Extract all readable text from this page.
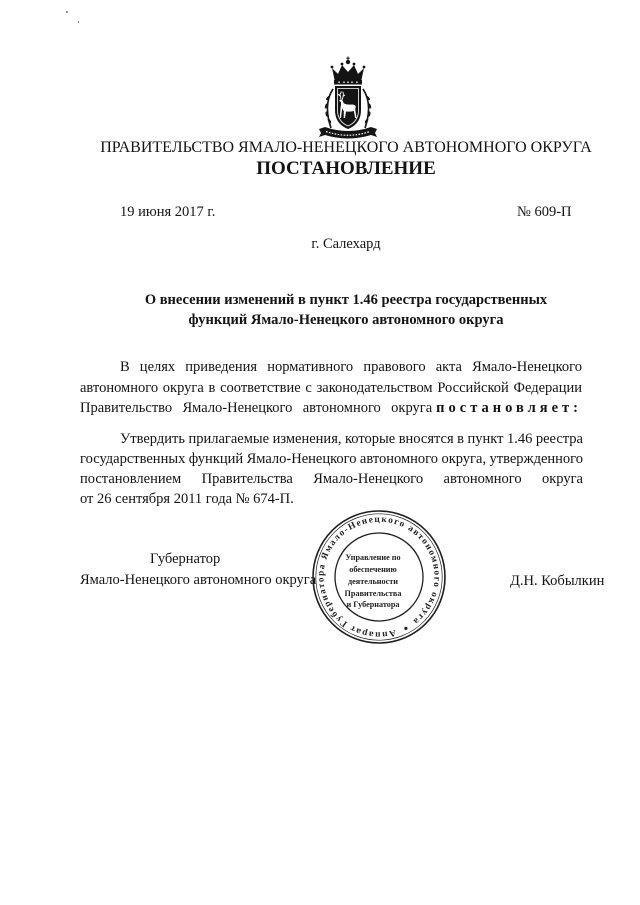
ПРАВИТЕЛЬСТВО ЯМАЛО-НЕНЕЦКОГО АВТОНОМНОГО ОКРУГА
ПОСТАНОВЛЕНИЕ
19 июня 2017 г.	№ 609-П
г. Салехард
О внесении изменений в пункт 1.46 реестра государственных
функций Ямало-Ненецкого автономного округа
В целях приведения нормативного правового акта Ямало-Ненецкого
автономного округа в соответствие с законодательством Российской Федерации
Правительство Ямало-Ненецкого автономного округа постановляет:
Утвердить прилагаемые изменения, которые вносятся в пункт 1.46 реестра
государственных функций Ямало-Ненецкого автономного округа, утвержденного
постановлением Правительства Ямало-Ненецкого автономного округа
от 26 сентября 2011 года № 674-П.
Губернатор
Ямало-Ненецкого автономного округа	Д.Н. Кобылкин
Аппарат Губернатора Ямало-Ненецкого автономного округа
Управление по
обеспечению
деятельности
Правительства
и Губернатора
